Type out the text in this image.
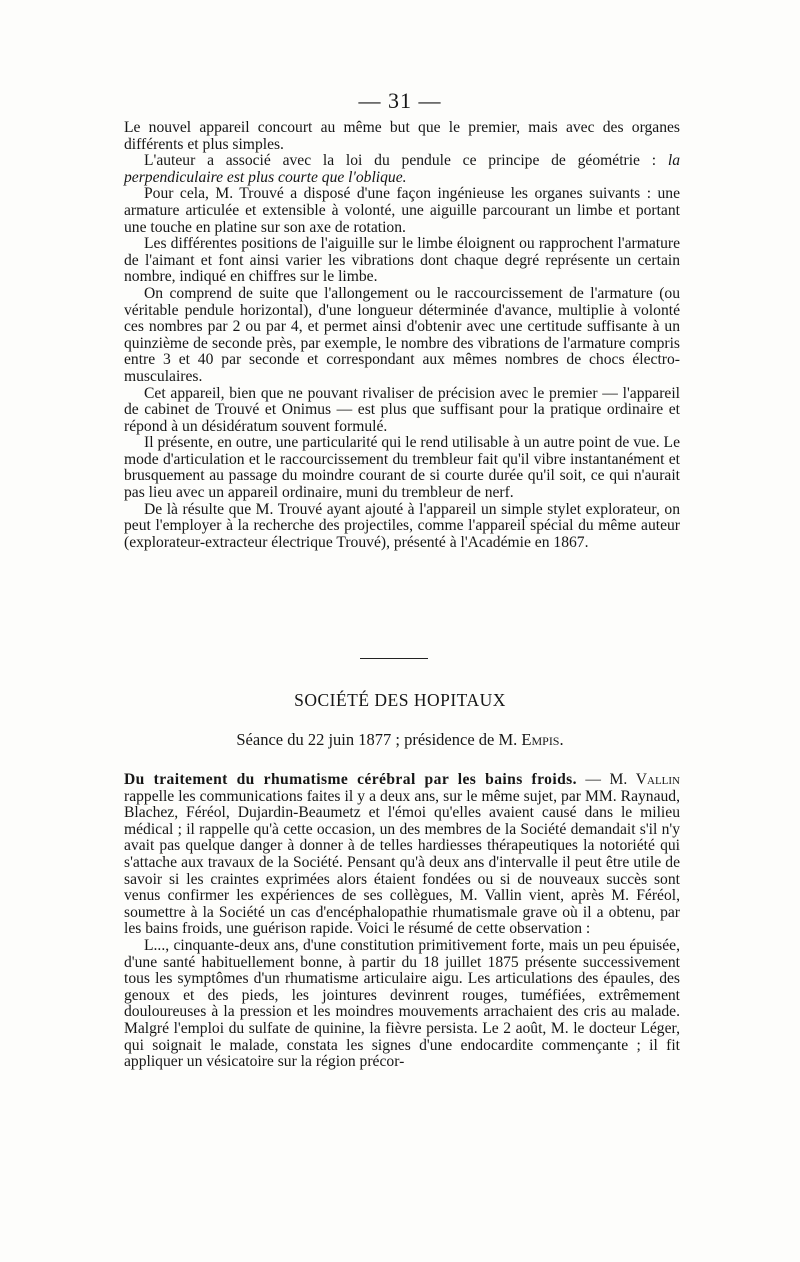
— 31 —

Le nouvel appareil concourt au même but que le premier, mais avec des organes différents et plus simples.

L'auteur a associé avec la loi du pendule ce principe de géométrie : la perpendiculaire est plus courte que l'oblique.

Pour cela, M. Trouvé a disposé d'une façon ingénieuse les organes suivants : une armature articulée et extensible à volonté, une aiguille parcourant un limbe et portant une touche en platine sur son axe de rotation.

Les différentes positions de l'aiguille sur le limbe éloignent ou rapprochent l'armature de l'aimant et font ainsi varier les vibrations dont chaque degré représente un certain nombre, indiqué en chiffres sur le limbe.

On comprend de suite que l'allongement ou le raccourcissement de l'armature (ou véritable pendule horizontal), d'une longueur déterminée d'avance, multiplie à volonté ces nombres par 2 ou par 4, et permet ainsi d'obtenir avec une certitude suffisante à un quinzième de seconde près, par exemple, le nombre des vibrations de l'armature compris entre 3 et 40 par seconde et correspondant aux mêmes nombres de chocs électro-musculaires.

Cet appareil, bien que ne pouvant rivaliser de précision avec le premier — l'appareil de cabinet de Trouvé et Onimus — est plus que suffisant pour la pratique ordinaire et répond à un désidératum souvent formulé.

Il présente, en outre, une particularité qui le rend utilisable à un autre point de vue. Le mode d'articulation et le raccourcissement du trembleur fait qu'il vibre instantanément et brusquement au passage du moindre courant de si courte durée qu'il soit, ce qui n'aurait pas lieu avec un appareil ordinaire, muni du trembleur de nerf.

De là résulte que M. Trouvé ayant ajouté à l'appareil un simple stylet explorateur, on peut l'employer à la recherche des projectiles, comme l'appareil spécial du même auteur (explorateur-extracteur électrique Trouvé), présenté à l'Académie en 1867.

SOCIÉTÉ DES HOPITAUX
Séance du 22 juin 1877 ; présidence de M. Empis.

Du traitement du rhumatisme cérébral par les bains froids. — M. Vallin rappelle les communications faites il y a deux ans, sur le même sujet, par MM. Raynaud, Blachez, Féréol, Dujardin-Beaumetz et l'émoi qu'elles avaient causé dans le milieu médical ; il rappelle qu'à cette occasion, un des membres de la Société demandait s'il n'y avait pas quelque danger à donner à de telles hardiesses thérapeutiques la notoriété qui s'attache aux travaux de la Société. Pensant qu'à deux ans d'intervalle il peut être utile de savoir si les craintes exprimées alors étaient fondées ou si de nouveaux succès sont venus confirmer les expériences de ses collègues, M. Vallin vient, après M. Féréol, soumettre à la Société un cas d'encéphalopathie rhumatismale grave où il a obtenu, par les bains froids, une guérison rapide. Voici le résumé de cette observation :

L..., cinquante-deux ans, d'une constitution primitivement forte, mais un peu épuisée, d'une santé habituellement bonne, à partir du 18 juillet 1875 présente successivement tous les symptômes d'un rhumatisme articulaire aigu. Les articulations des épaules, des genoux et des pieds, les jointures devinrent rouges, tuméfiées, extrêmement douloureuses à la pression et les moindres mouvements arrachaient des cris au malade. Malgré l'emploi du sulfate de quinine, la fièvre persista. Le 2 août, M. le docteur Léger, qui soignait le malade, constata les signes d'une endocardite commençante ; il fit appliquer un vésicatoire sur la région précor-
